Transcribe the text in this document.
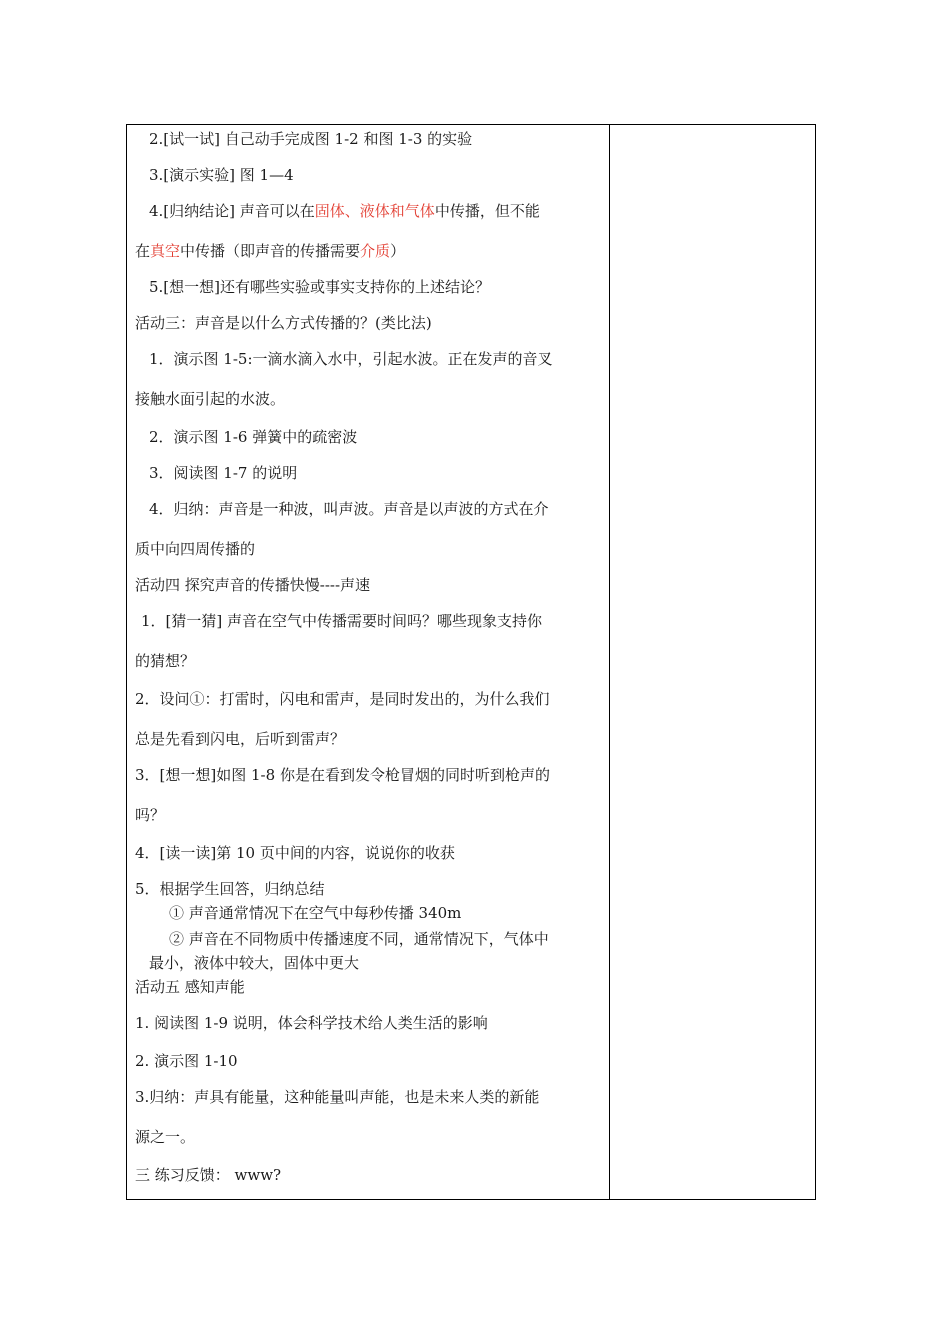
2.[试一试] 自己动手完成图 1-2 和图 1-3 的实验
3.[演示实验] 图 1—4
4.[归纳结论] 声音可以在固体、液体和气体中传播，但不能
在真空中传播（即声音的传播需要介质）
5.[想一想]还有哪些实验或事实支持你的上述结论？
活动三：声音是以什么方式传播的？(类比法)
1．演示图 1-5:一滴水滴入水中，引起水波。正在发声的音叉
接触水面引起的水波。
2．演示图 1-6 弹簧中的疏密波
3．阅读图 1-7 的说明
4．归纳：声音是一种波，叫声波。声音是以声波的方式在介
质中向四周传播的
活动四 探究声音的传播快慢----声速
1．[猜一猜] 声音在空气中传播需要时间吗？哪些现象支持你
的猜想？
2．设问①：打雷时，闪电和雷声，是同时发出的，为什么我们
总是先看到闪电，后听到雷声？
3．[想一想]如图 1-8 你是在看到发令枪冒烟的同时听到枪声的
吗？
4．[读一读]第 10 页中间的内容，说说你的收获
5．根据学生回答，归纳总结
① 声音通常情况下在空气中每秒传播 340m
② 声音在不同物质中传播速度不同，通常情况下，气体中
最小，液体中较大，固体中更大
活动五 感知声能
1. 阅读图 1-9 说明，体会科学技术给人类生活的影响
2. 演示图 1-10
3.归纳：声具有能量，这种能量叫声能，也是未来人类的新能
源之一。
三 练习反馈： www?
